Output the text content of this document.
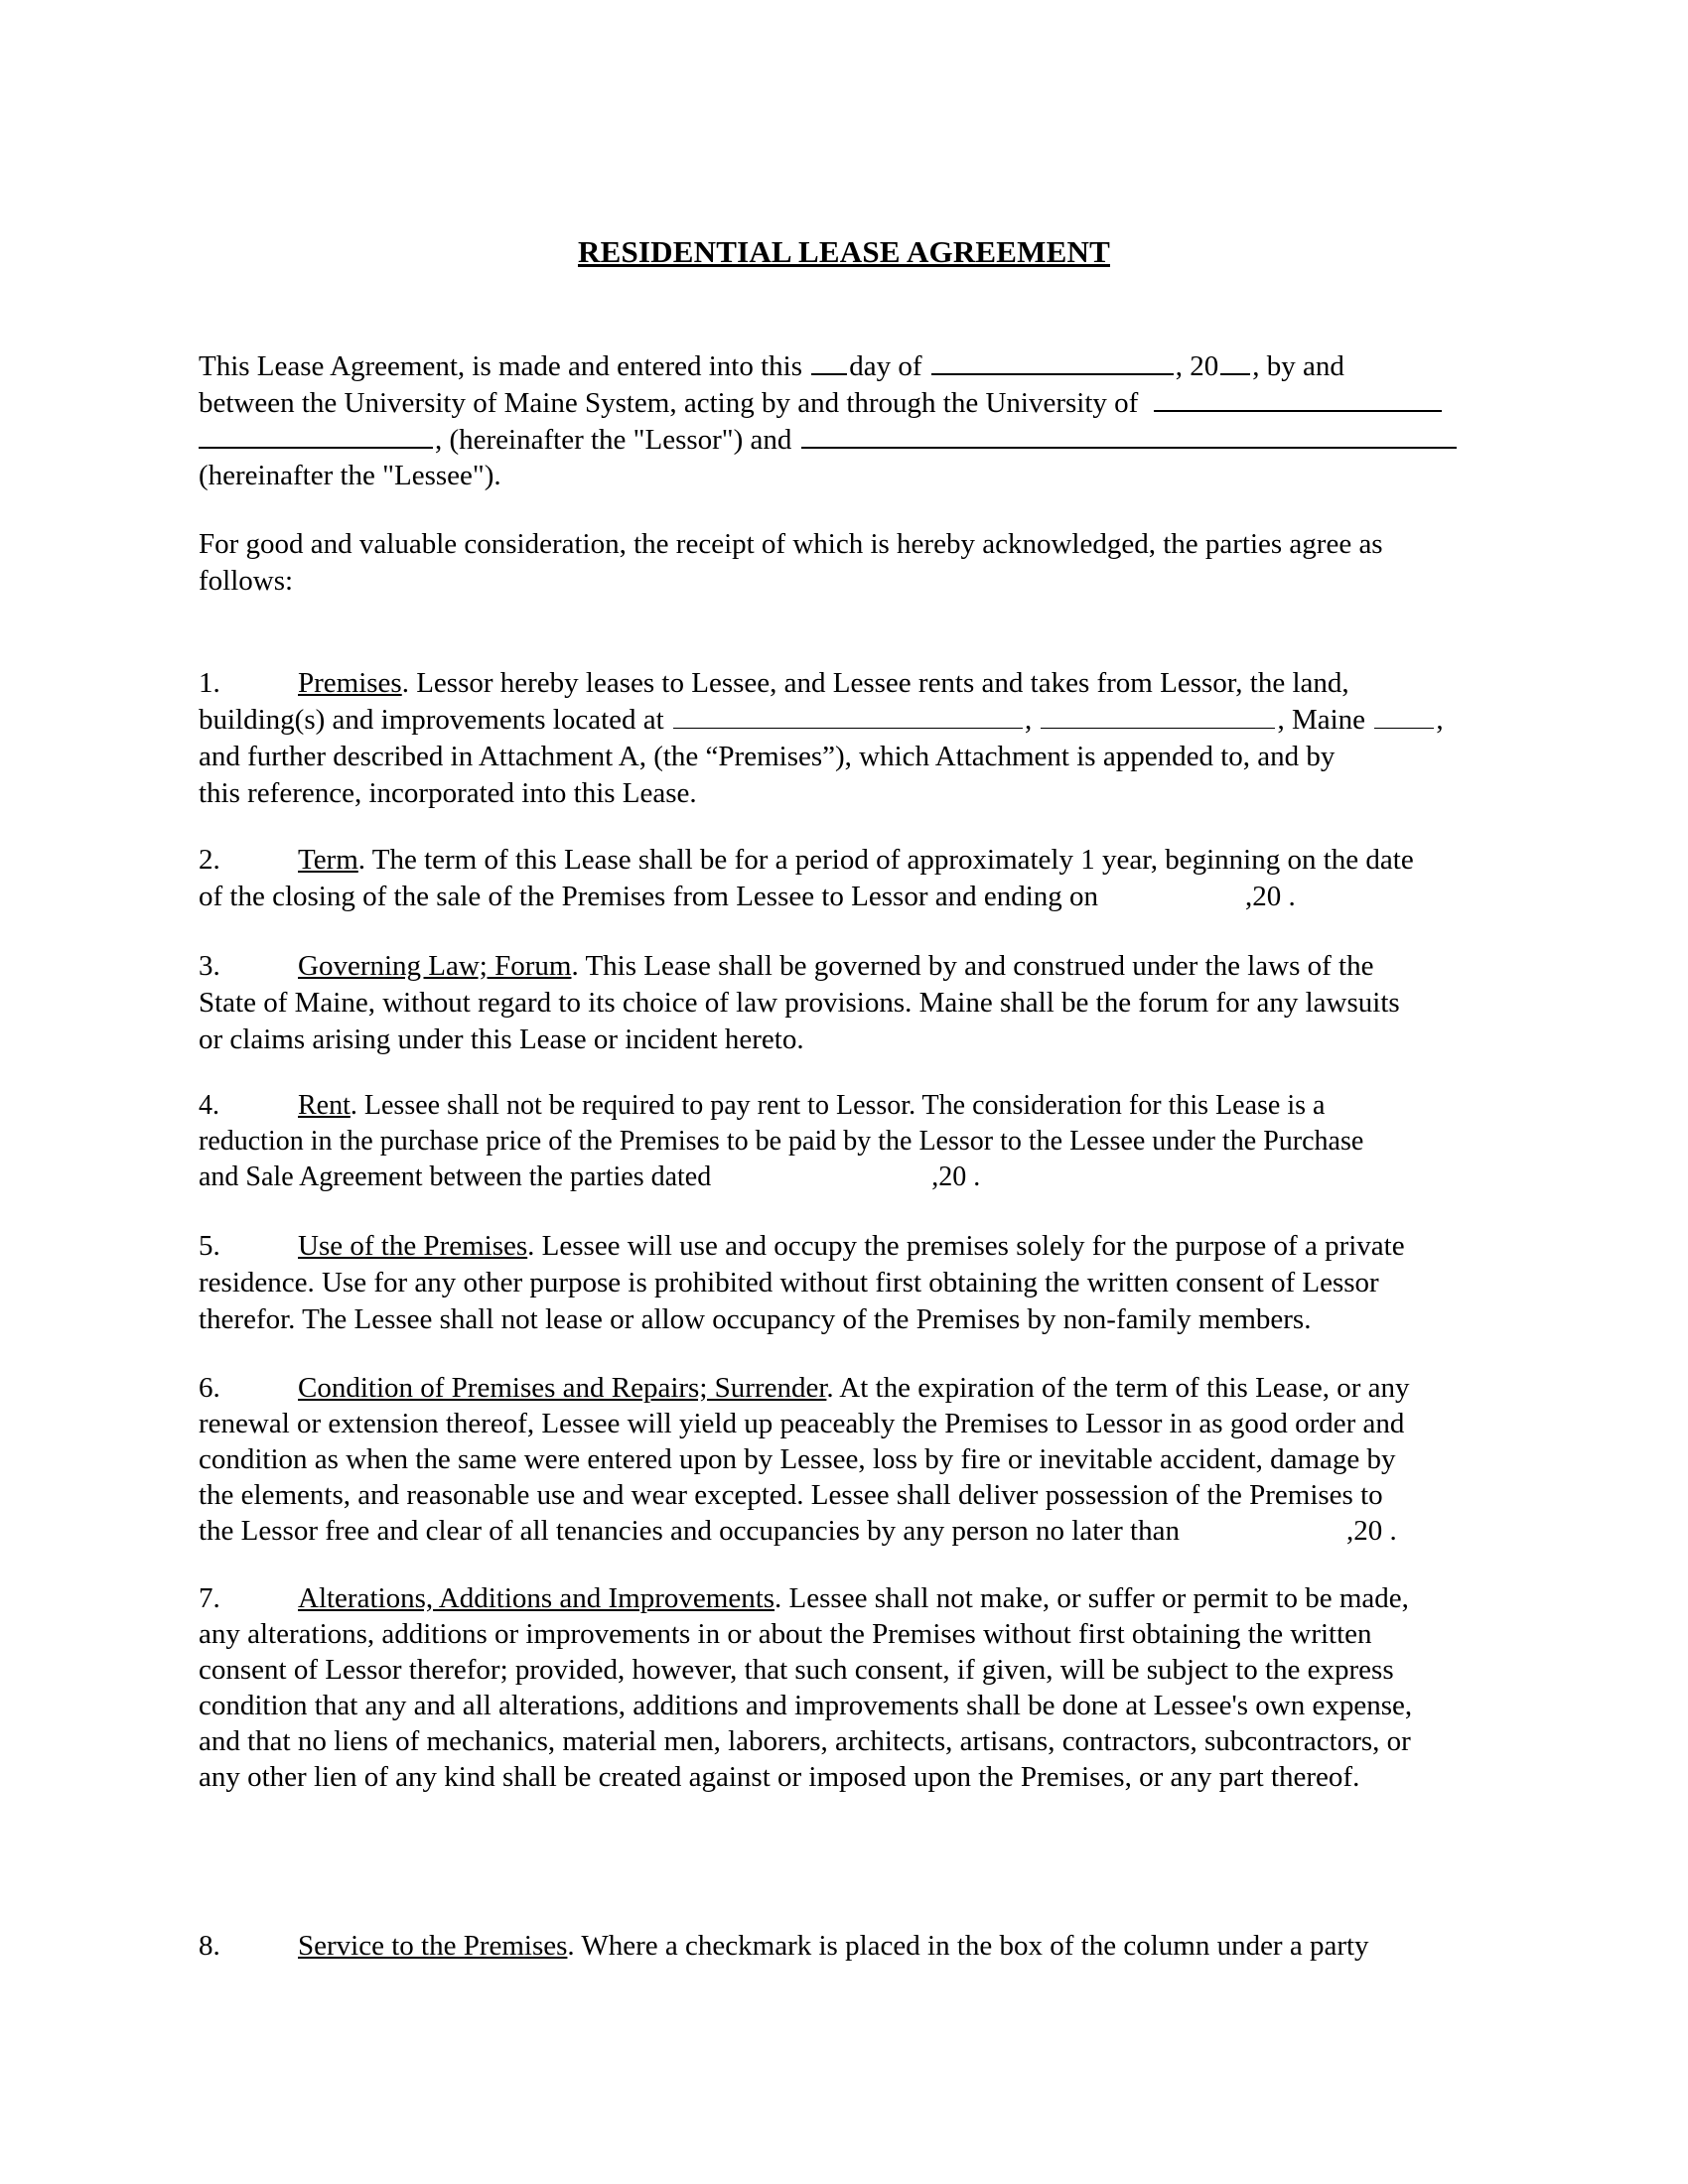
RESIDENTIAL LEASE AGREEMENT
This Lease Agreement, is made and entered into this day of	, 20 , by and
between the University of Maine System, acting by and through the University of
, (hereinafter the "Lessor") and
(hereinafter the "Lessee").
For good and valuable consideration, the receipt of which is hereby acknowledged, the parties agree as
follows:
1.	Premises. Lessor hereby leases to Lessee, and Lessee rents and takes from Lessor, the land,
building(s) and improvements located at	,	, Maine ,
and further described in Attachment A, (the “Premises”), which Attachment is appended to, and by
this reference, incorporated into this Lease.
2.	Term. The term of this Lease shall be for a period of approximately 1 year, beginning on the date
of the closing of the sale of the Premises from Lessee to Lessor and ending on	,20 .
3.	Governing Law; Forum. This Lease shall be governed by and construed under the laws of the
State of Maine, without regard to its choice of law provisions. Maine shall be the forum for any lawsuits
or claims arising under this Lease or incident hereto.
4.	Rent. Lessee shall not be required to pay rent to Lessor. The consideration for this Lease is a
reduction in the purchase price of the Premises to be paid by the Lessor to the Lessee under the Purchase
and Sale Agreement between the parties dated	,20 .
5.	Use of the Premises. Lessee will use and occupy the premises solely for the purpose of a private
residence. Use for any other purpose is prohibited without first obtaining the written consent of Lessor
therefor. The Lessee shall not lease or allow occupancy of the Premises by non-family members.
6.	Condition of Premises and Repairs; Surrender. At the expiration of the term of this Lease, or any
renewal or extension thereof, Lessee will yield up peaceably the Premises to Lessor in as good order and
condition as when the same were entered upon by Lessee, loss by fire or inevitable accident, damage by
the elements, and reasonable use and wear excepted. Lessee shall deliver possession of the Premises to
the Lessor free and clear of all tenancies and occupancies by any person no later than	,20 .
7.	Alterations, Additions and Improvements. Lessee shall not make, or suffer or permit to be made,
any alterations, additions or improvements in or about the Premises without first obtaining the written
consent of Lessor therefor; provided, however, that such consent, if given, will be subject to the express
condition that any and all alterations, additions and improvements shall be done at Lessee's own expense,
and that no liens of mechanics, material men, laborers, architects, artisans, contractors, subcontractors, or
any other lien of any kind shall be created against or imposed upon the Premises, or any part thereof.
8.	Service to the Premises. Where a checkmark is placed in the box of the column under a party
